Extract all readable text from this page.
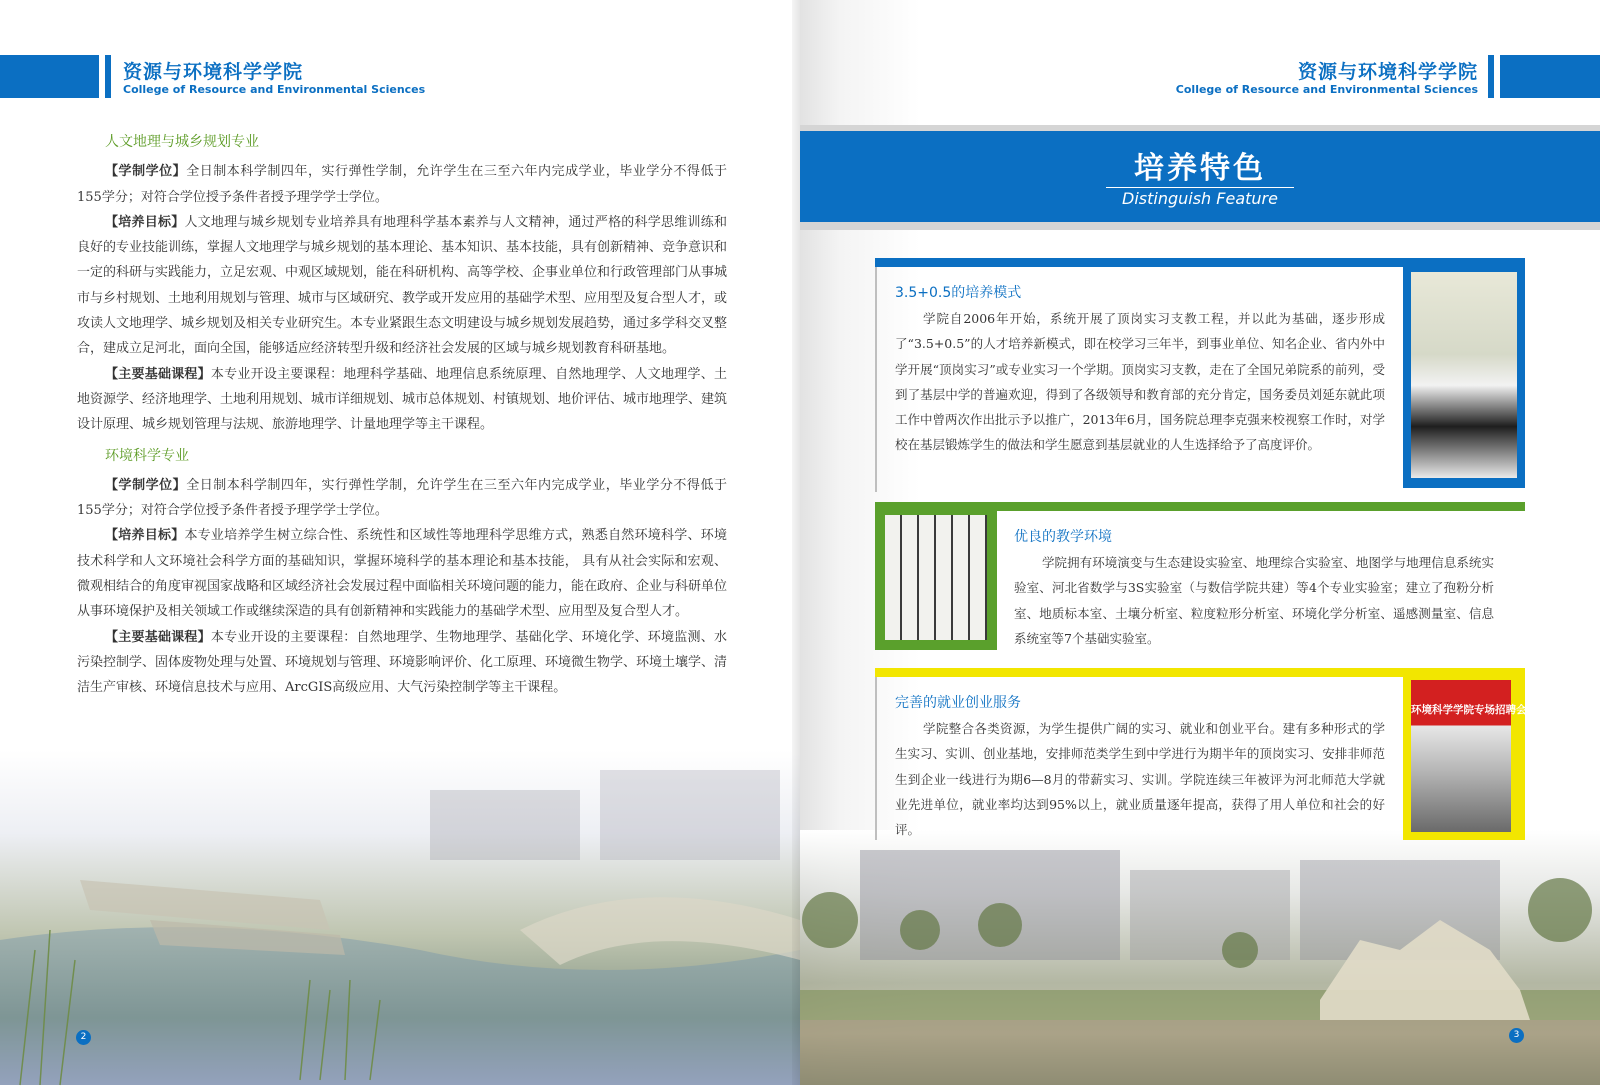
资源与环境科学学院
College of Resource and Environmental Sciences
人文地理与城乡规划专业

【学制学位】全日制本科学制四年，实行弹性学制，允许学生在三至六年内完成学业，毕业学分不得低于155学分；对符合学位授予条件者授予理学学士学位。

【培养目标】人文地理与城乡规划专业培养具有地理科学基本素养与人文精神，通过严格的科学思维训练和良好的专业技能训练，掌握人文地理学与城乡规划的基本理论、基本知识、基本技能，具有创新精神、竞争意识和一定的科研与实践能力，立足宏观、中观区域规划，能在科研机构、高等学校、企事业单位和行政管理部门从事城市与乡村规划、土地利用规划与管理、城市与区域研究、教学或开发应用的基础学术型、应用型及复合型人才，或攻读人文地理学、城乡规划及相关专业研究生。本专业紧跟生态文明建设与城乡规划发展趋势，通过多学科交叉整合，建成立足河北，面向全国，能够适应经济转型升级和经济社会发展的区域与城乡规划教育科研基地。

【主要基础课程】本专业开设主要课程：地理科学基础、地理信息系统原理、自然地理学、人文地理学、土地资源学、经济地理学、土地利用规划、城市详细规划、城市总体规划、村镇规划、地价评估、城市地理学、建筑设计原理、城乡规划管理与法规、旅游地理学、计量地理学等主干课程。

环境科学专业

【学制学位】全日制本科学制四年，实行弹性学制，允许学生在三至六年内完成学业，毕业学分不得低于155学分；对符合学位授予条件者授予理学学士学位。

【培养目标】本专业培养学生树立综合性、系统性和区域性等地理科学思维方式，熟悉自然环境科学、环境技术科学和人文环境社会科学方面的基础知识，掌握环境科学的基本理论和基本技能， 具有从社会实际和宏观、微观相结合的角度审视国家战略和区域经济社会发展过程中面临相关环境问题的能力，能在政府、企业与科研单位从事环境保护及相关领域工作或继续深造的具有创新精神和实践能力的基础学术型、应用型及复合型人才。

【主要基础课程】本专业开设的主要课程：自然地理学、生物地理学、基础化学、环境化学、环境监测、水污染控制学、固体废物处理与处置、环境规划与管理、环境影响评价、化工原理、环境微生物学、环境土壤学、清洁生产审核、环境信息技术与应用、ArcGIS高级应用、大气污染控制学等主干课程。

2
资源与环境科学学院
College of Resource and Environmental Sciences
培养特色
Distinguish Feature
3.5+0.5的培养模式

学院自2006年开始，系统开展了顶岗实习支教工程，并以此为基础，逐步形成了“3.5+0.5”的人才培养新模式，即在校学习三年半，到事业单位、知名企业、省内外中学开展“顶岗实习”或专业实习一个学期。顶岗实习支教，走在了全国兄弟院系的前列，受到了基层中学的普遍欢迎，得到了各级领导和教育部的充分肯定，国务委员刘延东就此项工作中曾两次作出批示予以推广，2013年6月，国务院总理李克强来校视察工作时，对学校在基层锻炼学生的做法和学生愿意到基层就业的人生选择给予了高度评价。

优良的教学环境

学院拥有环境演变与生态建设实验室、地理综合实验室、地图学与地理信息系统实验室、河北省数学与3S实验室（与数信学院共建）等4个专业实验室；建立了孢粉分析室、地质标本室、土壤分析室、粒度粒形分析室、环境化学分析室、遥感测量室、信息系统室等7个基础实验室。

完善的就业创业服务

学院整合各类资源，为学生提供广阔的实习、就业和创业平台。建有多种形式的学生实习、实训、创业基地，安排师范类学生到中学进行为期半年的顶岗实习、安排非师范生到企业一线进行为期6—8月的带薪实习、实训。学院连续三年被评为河北师范大学就业先进单位，就业率均达到95%以上，就业质量逐年提高，获得了用人单位和社会的好评。

环境科学学院专场招聘会
3
